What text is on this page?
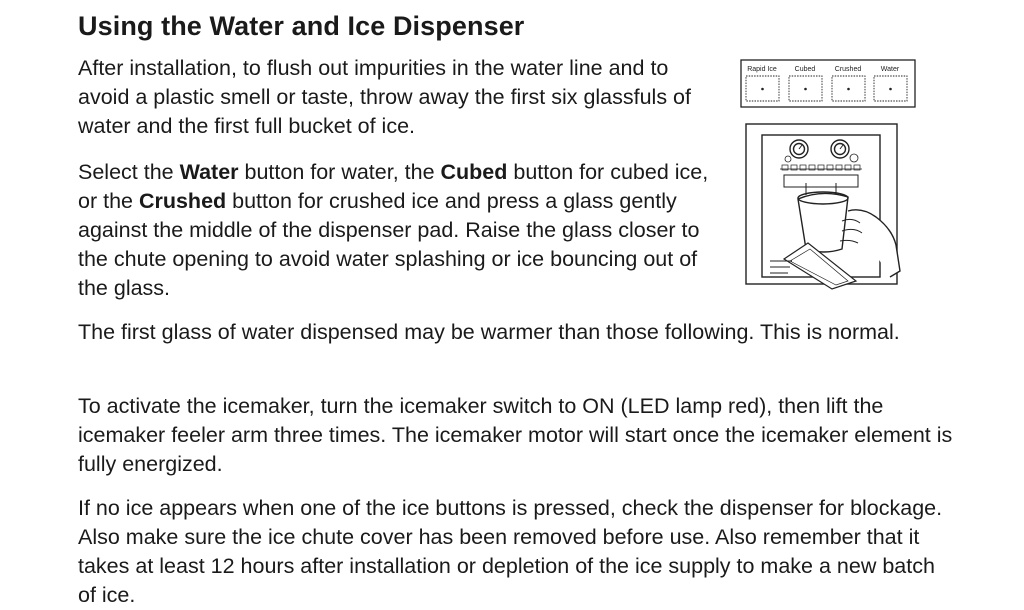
Using the Water and Ice Dispenser

After installation, to flush out impurities in the water line and to avoid a plastic smell or taste, throw away the first six glassfuls of water and the first full bucket of ice.

Select the Water button for water, the Cubed button for cubed ice, or the Crushed button for crushed ice and press a glass gently against the middle of the dispenser pad. Raise the glass closer to the chute opening to avoid water splashing or ice bouncing out of the glass.

The first glass of water dispensed may be warmer than those following. This is normal.

To activate the icemaker, turn the icemaker switch to ON (LED lamp red), then lift the icemaker feeler arm three times. The icemaker motor will start once the icemaker element is fully energized.

If no ice appears when one of the ice buttons is pressed, check the dispenser for blockage. Also make sure the ice chute cover has been removed before use. Also remember that it takes at least 12 hours after installation or depletion of the ice supply to make a new batch of ice.

Rapid Ice	Cubed	Crushed	Water
